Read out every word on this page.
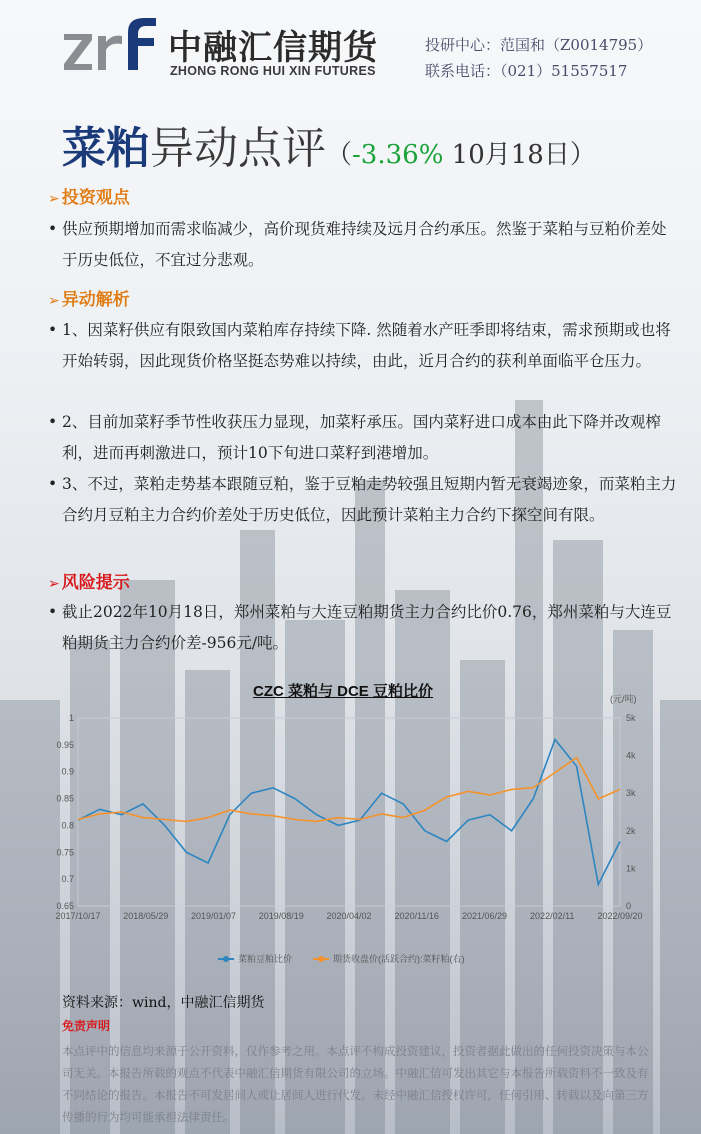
中融汇信期货
ZHONG RONG HUI XIN FUTURES
投研中心：范国和（Z0014795）
联系电话：（021）51557517
菜粕异动点评（-3.36% 10月18日）
➢ 投资观点
• 供应预期增加而需求临减少，高价现货难持续及远月合约承压。然鉴于菜粕与豆粕价差处于历史低位，不宜过分悲观。
➢ 异动解析
• 1、因菜籽供应有限致国内菜粕库存持续下降. 然随着水产旺季即将结束，需求预期或也将开始转弱，因此现货价格坚挺态势难以持续，由此，近月合约的获利单面临平仓压力。
• 2、目前加菜籽季节性收获压力显现，加菜籽承压。国内菜籽进口成本由此下降并改观榨利，进而再刺激进口，预计10下旬进口菜籽到港增加。
• 3、不过，菜粕走势基本跟随豆粕，鉴于豆粕走势较强且短期内暂无衰竭迹象，而菜粕主力合约月豆粕主力合约价差处于历史低位，因此预计菜粕主力合约下探空间有限。
➢ 风险提示
• 截止2022年10月18日，郑州菜粕与大连豆粕期货主力合约比价0.76，郑州菜粕与大连豆粕期货主力合约价差-956元/吨。
CZC 菜粕与 DCE 豆粕比价
0.65
0.7
0.75
0.8
0.85
0.9
0.95
1
0
1k
2k
3k
4k
5k
(元/吨)
2017/10/17	2018/05/29	2019/01/07	2019/08/19	2020/04/02	2020/11/16	2021/06/29	2022/02/11	2022/09/20
菜粕豆粕比价	期货收盘价(活跃合约):菜籽粕(右)
资料来源：wind，中融汇信期货
免责声明
本点评中的信息均来源于公开资料，仅作参考之用。本点评不构成投资建议，投资者据此做出的任何投资决策与本公司无关。本报告所载的观点不代表中融汇信期货有限公司的立场。中融汇信可发出其它与本报告所载资料不一致及有不同结论的报告。本报告不可发居间人或让居间人进行代发。未经中融汇信授权许可，任何引用、转载以及向第三方传播的行为均可能承担法律责任。
